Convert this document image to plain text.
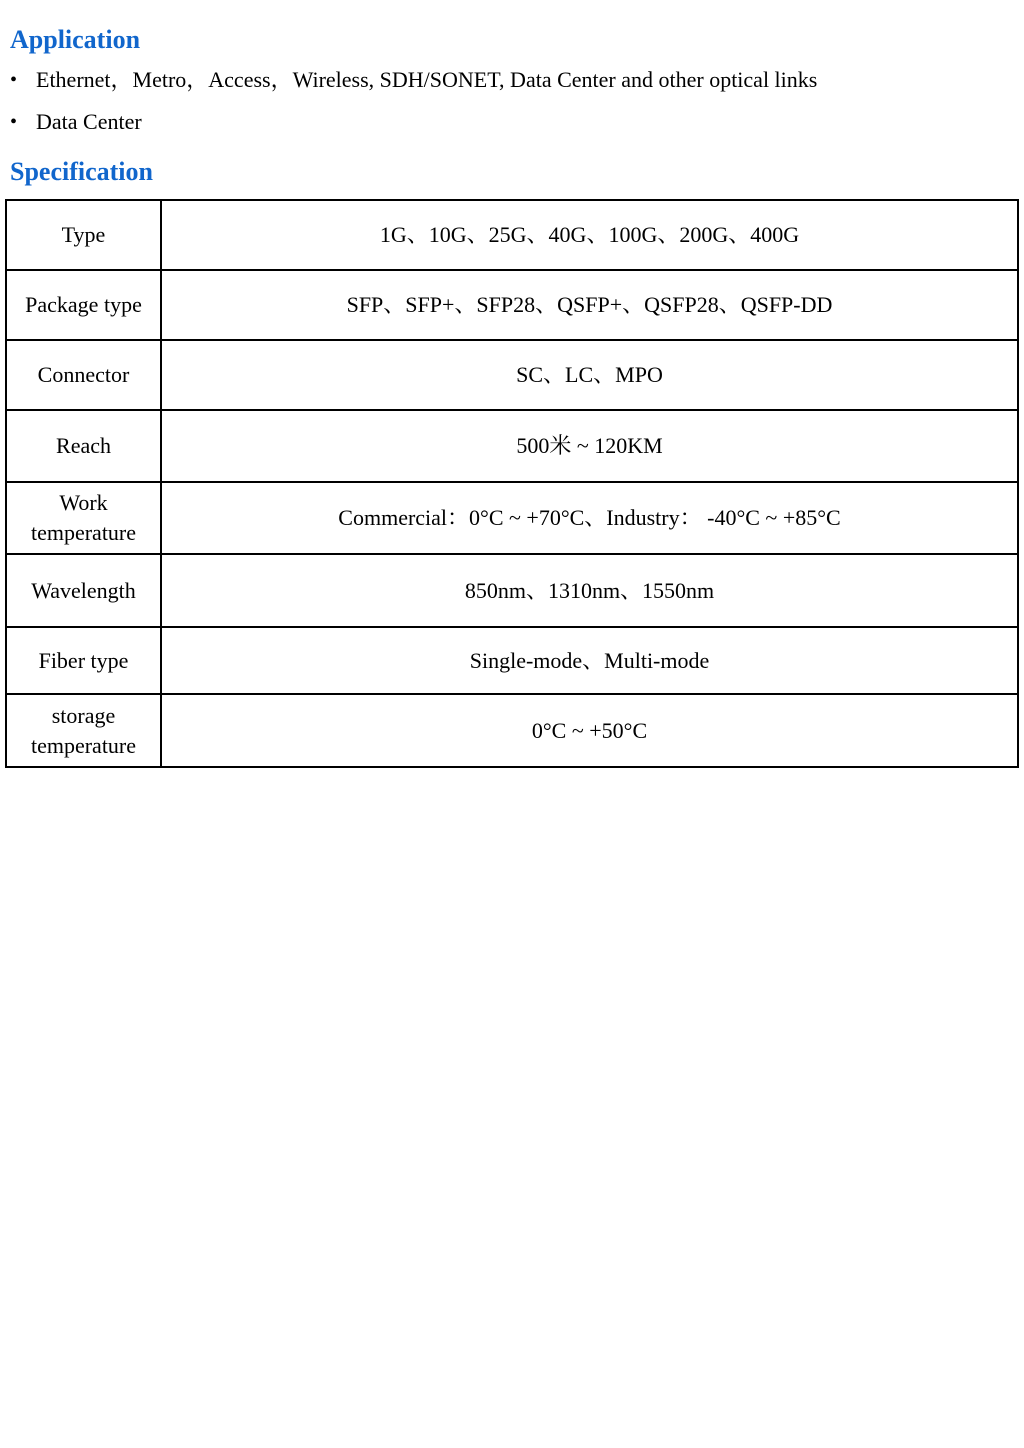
Application
• Ethernet，Metro，Access，Wireless, SDH/SONET, Data Center and other optical links
• Data Center
Specification
Type	1G、10G、25G、40G、100G、200G、400G
Package type	SFP、SFP+、SFP28、QSFP+、QSFP28、QSFP-DD
Connector	SC、LC、MPO
Reach	500米 ~ 120KM
Work temperature	Commercial：0°C ~ +70°C、Industry： -40°C ~ +85°C
Wavelength	850nm、1310nm、1550nm
Fiber type	Single-mode、Multi-mode
storage temperature	0°C ~ +50°C
